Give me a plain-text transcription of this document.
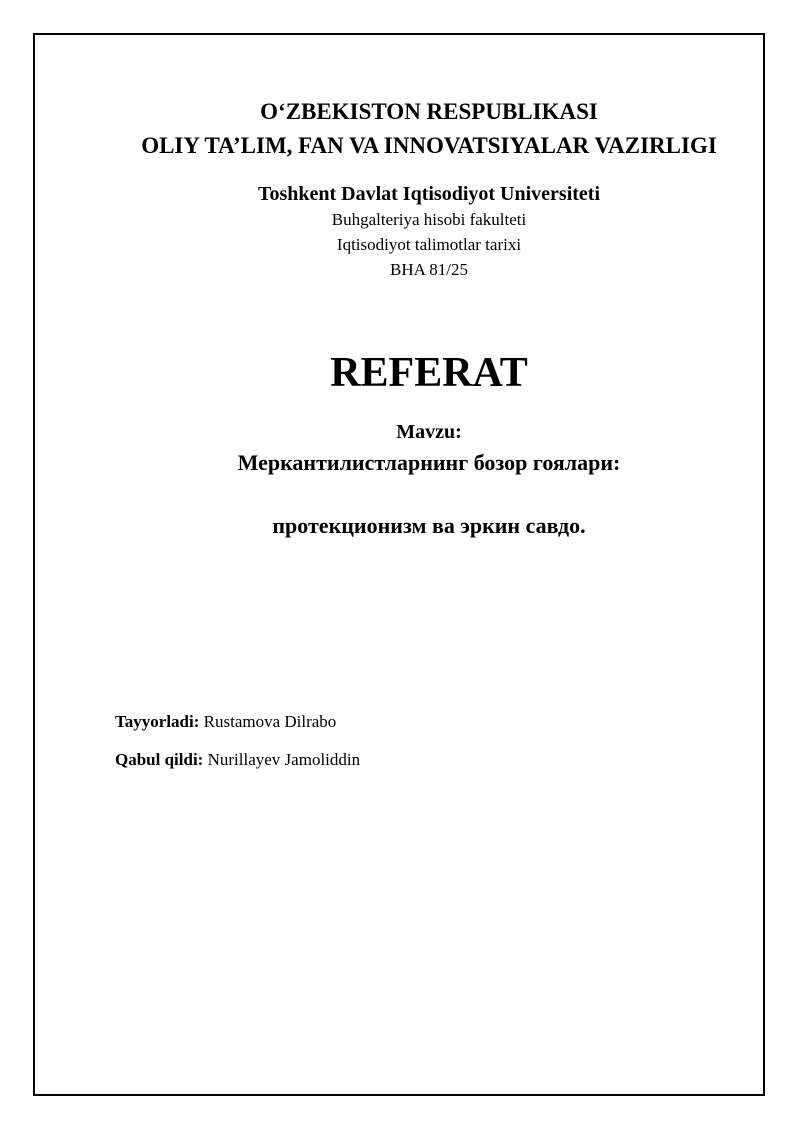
O‘ZBEKISTON RESPUBLIKASI
OLIY TA’LIM, FAN VA INNOVATSIYALAR VAZIRLIGI
Toshkent Davlat Iqtisodiyot Universiteti
Buhgalteriya hisobi fakulteti
Iqtisodiyot talimotlar tarixi
BHA 81/25
REFERAT
Mavzu:
Меркантилистларнинг бозор гоялари:
протекционизм ва эркин савдо.
Tayyorladi: Rustamova Dilrabo
Qabul qildi: Nurillayev Jamoliddin
